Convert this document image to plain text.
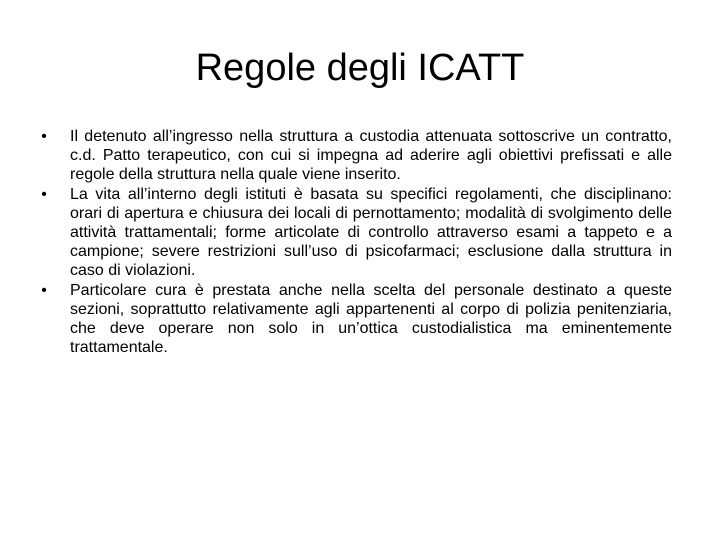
Regole degli ICATT
• Il detenuto all’ingresso nella struttura a custodia attenuata sottoscrive un contratto, c.d. Patto terapeutico, con cui si impegna ad aderire agli obiettivi prefissati e alle regole della struttura nella quale viene inserito.
• La vita all’interno degli istituti è basata su specifici regolamenti, che disciplinano: orari di apertura e chiusura dei locali di pernottamento; modalità di svolgimento delle attività trattamentali; forme articolate di controllo attraverso esami a tappeto e a campione; severe restrizioni sull’uso di psicofarmaci; esclusione dalla struttura in caso di violazioni.
• Particolare cura è prestata anche nella scelta del personale destinato a queste sezioni, soprattutto relativamente agli appartenenti al corpo di polizia penitenziaria, che deve operare non solo in un’ottica custodialistica ma eminentemente trattamentale.
